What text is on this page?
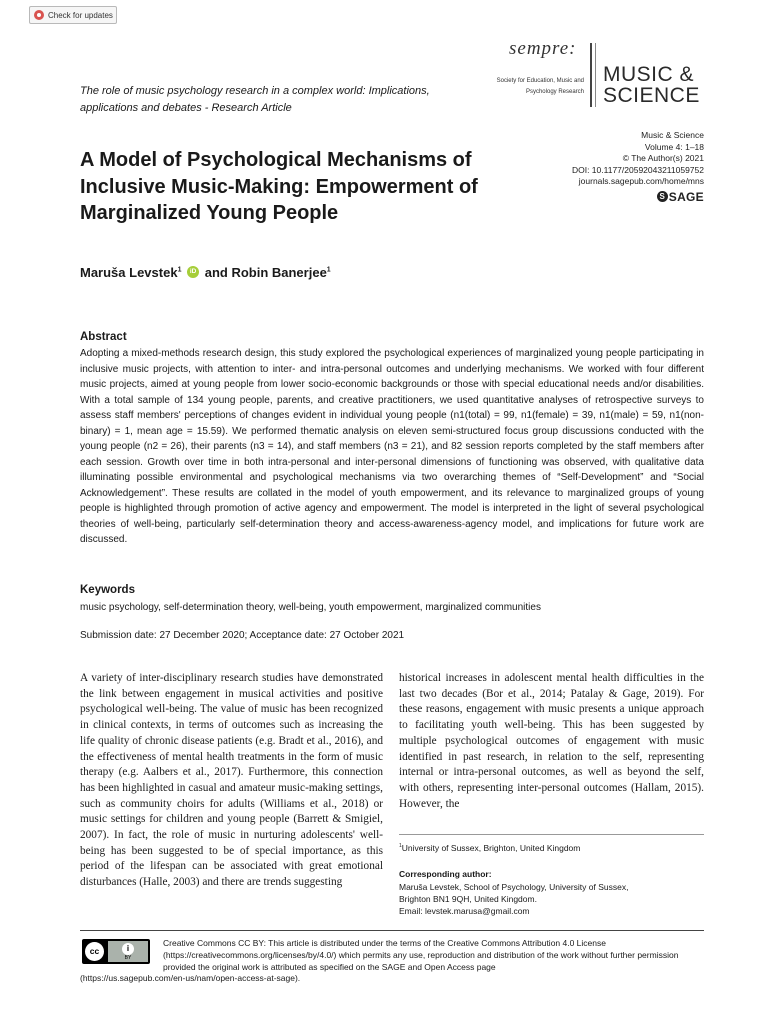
Check for updates
The role of music psychology research in a complex world: Implications, applications and debates - Research Article
sempre:
Society for Education, Music and Psychology Research
MUSIC &
SCIENCE
Music & Science
Volume 4: 1–18
© The Author(s) 2021
DOI: 10.1177/20592043211059752
journals.sagepub.com/home/mns
S SAGE
A Model of Psychological Mechanisms of Inclusive Music-Making: Empowerment of Marginalized Young People
Maruša Levstek$^1$ iD and Robin Banerjee$^1$
Abstract
Adopting a mixed-methods research design, this study explored the psychological experiences of marginalized young people participating in inclusive music projects, with attention to inter- and intra-personal outcomes and underlying mechanisms. We worked with four different music projects, aimed at young people from lower socio-economic backgrounds or those with special educational needs and/or disabilities. With a total sample of 134 young people, parents, and creative practitioners, we used quantitative analyses of retrospective surveys to assess staff members' perceptions of changes evident in individual young people (n1(total) = 99, n1(female) = 39, n1(male) = 59, n1(non-binary) = 1, mean age = 15.59). We performed thematic analysis on eleven semi-structured focus group discussions conducted with the young people (n2 = 26), their parents (n3 = 14), and staff members (n3 = 21), and 82 session reports completed by the staff members after each session. Growth over time in both intra-personal and inter-personal dimensions of functioning was observed, with qualitative data illuminating possible environmental and psychological mechanisms via two overarching themes of “Self-Development” and “Social Acknowledgement”. These results are collated in the model of youth empowerment, and its relevance to marginalized groups of young people is highlighted through promotion of active agency and empowerment. The model is interpreted in the light of several psychological theories of well-being, particularly self-determination theory and access-awareness-agency model, and implications for future work are discussed.
Keywords
music psychology, self-determination theory, well-being, youth empowerment, marginalized communities
Submission date: 27 December 2020; Acceptance date: 27 October 2021
A variety of inter-disciplinary research studies have demonstrated the link between engagement in musical activities and positive psychological well-being. The value of music has been recognized in clinical contexts, in terms of outcomes such as increasing the life quality of chronic disease patients (e.g. Bradt et al., 2016), and the effectiveness of mental health treatments in the form of music therapy (e.g. Aalbers et al., 2017). Furthermore, this connection has been highlighted in casual and amateur music-making settings, such as community choirs for adults (Williams et al., 2018) or music settings for children and young people (Barrett & Smigiel, 2007). In fact, the role of music in nurturing adolescents' well-being has been suggested to be of special importance, as this period of the lifespan can be associated with great emotional disturbances (Halle, 2003) and there are trends suggesting
historical increases in adolescent mental health difficulties in the last two decades (Bor et al., 2014; Patalay & Gage, 2019). For these reasons, engagement with music presents a unique approach to facilitating youth well-being. This has been suggested by multiple psychological outcomes of engagement with music identified in past research, in relation to the self, representing internal or intra-personal outcomes, as well as beyond the self, with others, representing inter-personal outcomes (Hallam, 2015). However, the
$^1$University of Sussex, Brighton, United Kingdom
Corresponding author:
Maruša Levstek, School of Psychology, University of Sussex,
Brighton BN1 9QH, United Kingdom.
Email: levstek.marusa@gmail.com
cc	i
BY
Creative Commons CC BY: This article is distributed under the terms of the Creative Commons Attribution 4.0 License (https://creativecommons.org/licenses/by/4.0/) which permits any use, reproduction and distribution of the work without further permission provided the original work is attributed as specified on the SAGE and Open Access page
(https://us.sagepub.com/en-us/nam/open-access-at-sage).
